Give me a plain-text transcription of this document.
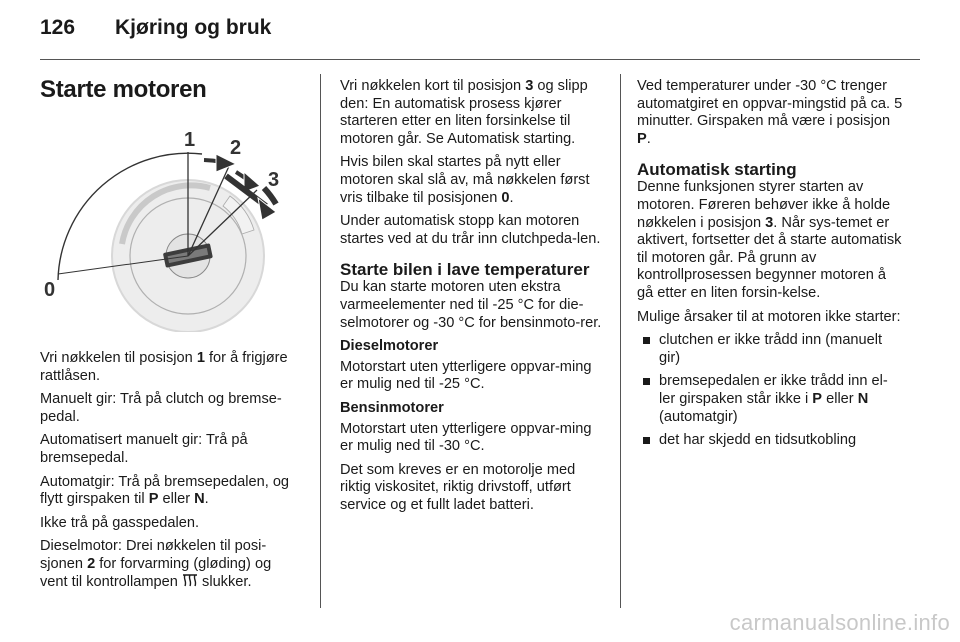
126 Kjøring og bruk
Starte motoren
1 2
3
0

Vri nøkkelen til posisjon 1 for å frigjøre rattlåsen.

Manuelt gir: Trå på clutch og bremse-pedal.

Automatisert manuelt gir: Trå på bremsepedal.

Automatgir: Trå på bremsepedalen, og flytt girspaken til P eller N.

Ikke trå på gasspedalen.

Dieselmotor: Drei nøkkelen til posi-sjonen 2 for forvarming (gløding) og vent til kontrollampen  slukker.

Vri nøkkelen kort til posisjon 3 og slipp den: En automatisk prosess kjører starteren etter en liten forsinkelse til motoren går. Se Automatisk starting.

Hvis bilen skal startes på nytt eller motoren skal slå av, må nøkkelen først vris tilbake til posisjonen 0.

Under automatisk stopp kan motoren startes ved at du trår inn clutchpeda-len.

Starte bilen i lave temperaturer

Du kan starte motoren uten ekstra varmeelementer ned til -25 °C for die-selmotorer og -30 °C for bensinmoto-rer.

Dieselmotorer

Motorstart uten ytterligere oppvar-ming er mulig ned til -25 °C.

Bensinmotorer

Motorstart uten ytterligere oppvar-ming er mulig ned til -30 °C.

Det som kreves er en motorolje med riktig viskositet, riktig drivstoff, utført service og et fullt ladet batteri.

Ved temperaturer under -30 °C trenger automatgiret en oppvar-mingstid på ca. 5 minutter. Girspaken må være i posisjon P.

Automatisk starting

Denne funksjonen styrer starten av motoren. Føreren behøver ikke å holde nøkkelen i posisjon 3. Når sys-temet er aktivert, fortsetter det å starte automatisk til motoren går. På grunn av kontrollprosessen begynner motoren å gå etter en liten forsin-kelse.

Mulige årsaker til at motoren ikke starter:

clutchen er ikke trådd inn (manuelt gir)
bremsepedalen er ikke trådd inn el-ler girspaken står ikke i P eller N (automatgir)
det har skjedd en tidsutkobling
carmanualsonline.info
